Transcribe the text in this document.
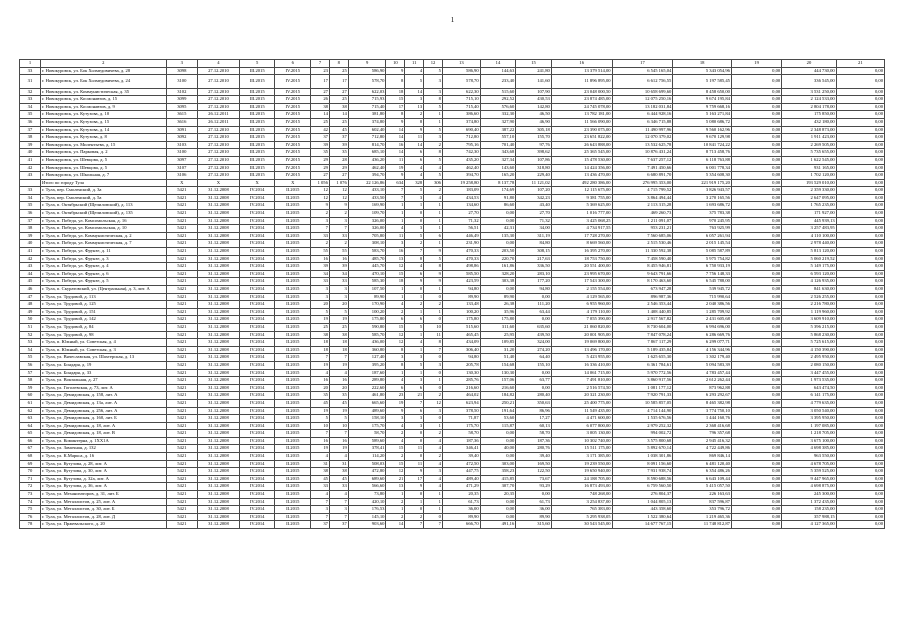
1
1	2	3	4	5	6	7	8	9	10	11	12	13	14	15	16	17	18	19	20	21
33	г. Новокуровск, ул. Бок Холмедовичева, д. 28	3098	27.12.2010	III.2015	IV.2015	23	25	586,90	9	4	5	586,90	144,63	241,80	13 379 514,00	6 545 165,04	5 343 054,96	0,00	444 730,00	0,00
31	г. Новокуровск, ул. Бок Холмедовичева, д. 24	3100	27.12.2010	III.2015	IV.2015	17	17	578,70	8	5	3	578,70	233,40	141,60	11 896 895,00	6 612 756,55	5 197 585,45	0,00	336 545,00	0,00
32	г. Новокуровск, ул. Коммунистическая, д. 35	3102	27.12.2010	III.2015	IV.2015	27	27	622,03	18	14	3	622,30	515,60	107,90	23 048 000,50	10 658 699,60	8 458 650,00	0,00	3 531 250,00	0,00
33	г. Новокуровск, ул. Космонавтов, д. 15	3099	27.12.2010	III.2015	IV.2015	26	25	715,93	15	3	8	715,10	292,52	430,53	23 874 485,00	12 075 250,16	9 674 195,84	0,00	2 124 533,00	0,00
34	г. Новокуровск, ул. Космонавтов, д. 9	3095	27.12.2010	III.2015	IV.2015	38	38	715,40	17	13	5	715,40	576,60	142,80	24 745 078,00	13 182 031,84	9 759 668,16	0,00	2 804 178,00	0,00
35	г. Новокуровск, ул. Кутузова, д. 10	3615	26.12.2011	III.2015	IV.2015	14	14	381,80	8	2	1	386,60	332,30	46,50	13 782 181,00	6 444 928,16	5 163 271,84	0,00	175 850,00	0,00
36	г. Новокуровск, ул. Кутузова, д. 15	3616	26.12.2011	III.2015	IV.2015	25	25	374,80	9	8	1	374,80	327,90	46,90	11 566 090,00	6 346 715,88	5 080 686,72	0,00	432 180,00	0,00
37	г. Новокуровск, ул. Кутузова, д. 14	3091	27.12.2010	III.2015	IV.2015	42	45	602,40	14	9	5	690,40	387,22	305,18	23 390 075,00	11 490 997,96	9 560 162,96	0,00	2 348 873,00	0,00
38	г. Новокуровск, ул. Кутузова, д. 8	3092	27.12.2010	III.2015	IV.2015	37	37	712,80	14	11	3	712,80	557,10	155,70	23 651 822,00	12 070 379,02	9 670 129,98	0,00	1 911 423,00	0,00
39	г. Новокуровск, ул. Милентьева, д. 15	3103	27.12.2010	III.2015	IV.2015	39	39	814,70	16	14	2	795,16	701,40	97,76	26 643 888,00	13 532 625,78	10 841 724,22	0,00	2 269 505,00	0,00
40	г. Новокуровск, ул. Парковая, д. 2	3100	27.12.2010	III.2015	IV.2015	35	35	685,10	14	6	8	742,30	343,68	398,62	25 365 545,00	10 876 431,24	8 713 458,76	0,00	5 735 655,00	0,00
41	г. Новокуровск, ул. Шевцова, д. 5	3097	27.12.2010	III.2015	IV.2015	29	28	436,20	11	6	5	435,20	327,34	107,86	15 478 530,00	7 637 257,12	6 118 763,88	0,00	1 622 545,00	0,00
42	г. Новокуровск, ул. Шевцова, д. 5	3107	27.12.2010	III.2015	IV.2015	29	29	462,40	19	4	4	462,40	143,60	318,80	14 424 356,00	7 491 450,66	6 001 778,34	0,00	931 165,00	0,00
43	г. Новокуровск, ул. Школьная, д. 7	3106	27.12.2010	III.2015	IV.2015	27	27	394,70	9	4	5	394,70	165,20	229,40	13 436 470,00	6 680 891,70	5 354 608,30	0,00	1 702 120,00	0,00
	Итого по городу Тула	Х	Х	Х	Х	1 056	1 076	22 126,86	634	328	306	19 258,80	8 137,78	11 121,02	492 280 386,00	276 995 353,00	221 919 175,20	0,00	193 529 010,00	0,00
33	г. Тула, пер. Смоленский, д. 3а	5421	31.12.2008	IV.2014	II.2015	12	12	433,10	7	5	2	183,09	174,69	107,20	12 115 675,00	4 715 799,52	3 826 943,57	0,00	2 359 330,00	0,00
34	г. Тула, пер. Смоленский, д. 5а	5421	31.12.2008	IV.2014	II.2015	12	12	433,50	7	3	4	434,53	91,80	342,23	9 381 755,00	3 864 494,44	3 270 165,56	0,00	2 647 095,00	0,00
35	г. Тула, п. Октябрьский (Щепиловский), д. 113	5421	31.12.2008	IV.2014	II.2015	9	9	169,90	1	1	1	134,60	86,60	43,40	5 369 625,00	2 113 315,28	1 693 686,72	0,00	1 765 235,00	0,00
36	г. Тула, п. Октябрьский (Щепиловский), д. 135	5421	31.12.2008	IV.2014	II.2015	2	2	109,70	1	0	1	27,70	0,00	27,70	1 016 777,00	469 260,73	375 783,38	0,00	171 927,00	0,00
37	г. Тула, п. Победа, ул. Комсомольская, д. 16	5421	31.12.2008	IV.2014	II.2015	3	3	326,00	1	0	1	71,32	0,00	71,32	3 425 068,25	1 211 091,07	970 245,95	0,00	445 939,13	0,00
38	г. Тула, п. Победа, ул. Комсомольская, д. 10	5421	31.12.2008	IV.2014	II.2015	7	7	326,00	4	3	1	56,51	42,31	34,00	4 734 917,55	953 231,21	763 925,99	0,00	3 257 483,95	0,00
39	г. Тула, п. Победа, ул. Коммунистическая, д. 2	5421	31.12.2008	IV.2014	II.2015	33	33	705,80	11	5	6	446,49	135,30	311,19	17 728 270,00	7 560 685,06	6 057 261,94	0,00	4 110 100,00	0,00
40	г. Тула, п. Победа, ул. Коммунистическая, д. 7	5421	31.12.2008	IV.2014	II.2015	2	2	308,10	3	2	1	231,90	0,00	84,80	8 669 560,00	2 515 530,46	2 015 145,54	0,00	2 978 440,00	0,00
41	г. Тула, п. Победа, ул. Фрунзе, д. 11	5421	31.12.2008	IV.2014	II.2015	55	55	583,70	16	7	9	470,33	203,50	308,15	16 395 270,00	11 330 592,38	5 085 587,89	0,00	5 813 120,00	0,00
42	г. Тула, п. Победа, ул. Фрунзе, д. 3	5421	31.12.2008	IV.2014	II.2015	16	16	485,70	13	8	5	470,33	220,70	217,63	18 753 750,00	7 458 590,40	5 975 754,82	0,00	5 060 219,52	0,00
43	г. Тула, п. Победа, ул. Фрунзе, д. 4	5421	31.12.2008	IV.2014	II.2015	39	39	445,70	12	4	8	498,86	161,86	336,50	20 551 400,00	8 455 946,81	6 750 933,19	0,00	5 149 175,00	0,00
44	г. Тула, п. Победа, ул. Фрунзе, д. 6	5421	31.12.2008	IV.2014	II.2015	34	34	470,10	15	6	9	585,50	328,20	283,10	23 995 670,00	9 643 791,66	7 756 148,33	0,00	6 593 120,00	0,00
45	г. Тула, п. Победа, ул. Фрунзе, д. 5	5421	31.12.2008	IV.2014	II.2015	33	33	585,30	18	9	9	423,59	303,38	177,20	17 543 300,00	8 170 463,60	6 545 788,00	0,00	4 126 935,00	0,00
46	г. Тула, п. Скуратовский, ул. (Центральная), д. 3, лит. А	5421	31.12.2008	IV.2014	II.2015	3	3	107,50	1	0	1	94,80	0,00	94,80	2 155 554,00	673 947,28	539 945,72	0,00	841 630,00	0,00
47	г. Тула, ул. Трудовой, д. 113	5421	31.12.2008	IV.2014	II.2015	3	3	89,90	1	1	0	89,90	89,90	0,00	4 129 565,00	896 987,36	715 990,64	0,00	2 526 255,00	0,00
48	г. Тула, ул. Трудовой, д. 125	5421	31.12.2008	IV.2014	II.2015	20	20	170,90	4	2	2	133,48	26,38	111,20	6 955 960,00	2 546 353,44	2 040 386,56	0,00	2 216 780,00	0,00
49	г. Тула, ул. Трудовой, д. 151	5421	31.12.2008	IV.2014	II.2015	5	5	100,20	2	1	1	100,20	35,96	63,44	4 179 110,00	1 408 440,85	1 285 709,92	0,00	1 119 960,00	0,00
50	г. Тула, ул. Трудовой, д. 142	5421	31.12.2008	IV.2014	II.2015	19	19	175,80	6	6	0	175,80	175,80	0,00	7 055 390,00	2 917 567,82	2 431 605,68	0,00	3 609 910,00	0,00
51	г. Тула, ул. Трудовой, д. 84	5421	31.12.2008	IV.2014	II.2015	25	25	590,80	15	5	10	515,60	311,60	635,60	21 060 820,00	8 730 604,00	6 994 696,00	0,00	5 396 215,00	0,00
52	г. Тула, ул. Трудовой, д. 98	5421	31.12.2008	IV.2014	II.2015	38	38	585,70	12	1	11	465,45	25,95	439,50	20 001 905,00	7 847 078,24	6 286 669,76	0,00	5 868 230,00	0,00
53	г. Тула, п. Южный, ул. Советская, д. 4	5421	31.12.2008	IV.2014	II.2015	18	18	436,00	12	4	8	434,09	109,85	324,00	19 069 800,00	7 867 117,29	6 299 077,71	0,00	5 725 615,00	0,00
54	г. Тула, п. Южный, ул. Советская, д. 3	5421	31.12.2008	IV.2014	II.2015	18	18	360,80	8	1	7	306,40	31,20	274,20	13 496 170,00	5 189 435,84	4 156 344,96	0,00	4 150 390,00	0,00
55	г. Тула, ул. Вячеславская, ул. Шахтерская, д. 13	5421	31.12.2008	IV.2014	II.2015	7	7	127,40	3	3	0	94,80	51,40	64,40	5 423 955,00	1 625 655,30	1 302 179,40	0,00	2 495 950,00	0,00
56	г. Тула, ул. Бондаря, д. 19	5421	31.12.2008	IV.2014	II.2015	19	19	395,20	8	5	3	205,78	154,68	155,10	16 336 410,00	6 361 784,61	5 094 583,39	0,00	2 080 150,00	0,00
57	г. Тула, ул. Бондаря, д. 33	5421	31.12.2008	IV.2014	II.2015	4	4	187,60	1	1	0	130,30	130,30	0,00	14 061 715,00	5 970 772,56	4 783 457,44	0,00	3 447 455,00	0,00
58	г. Тула, ул. Вокзальная, д. 27	5421	31.12.2008	IV.2014	II.2015	16	16	289,80	4	3	1	285,76	157,06	63,77	7 491 810,00	3 860 917,56	2 612 262,44	0,00	1 973 535,00	0,00
59	г. Тула, ул. Гоголевская, д. 73, лит. А	5421	31.12.2008	IV.2014	II.2015	20	20	222,60	6	6	0	216,60	216,60	0,00	2 516 574,50	1 081 177,12	873 962,88	0,00	643 474,50	0,00
60	г. Тула, ул. Демидовская, д. 158, лит. А	5421	31.12.2008	IV.2014	II.2015	35	35	461,80	23	21	2	464,02	184,82	280,40	20 321 230,00	7 920 791,33	6 293 292,67	0,00	6 141 175,00	0,00
61	г. Тула, ул. Демидовская, д. 13а, лит. А	5421	31.12.2008	IV.2014	II.2015	45	45	665,60	19	7	12	623,94	250,21	350,63	25 400 775,00	10 585 857,05	8 465 382,98	0,00	4 779 635,00	0,00
62	г. Тула, ул. Демидовская, д. 256, лит. А	5421	31.12.2008	IV.2014	II.2015	19	19	489,60	9	6	3	378,50	191,64	86,96	11 549 435,00	4 714 144,90	3 774 750,10	0,00	3 050 540,00	0,00
63	г. Тула, ул. Демидовская, д. 160, лит. Б	5421	31.12.2008	IV.2014	II.2015	5	5	158,10	3	3	0	71,87	53,60	17,27	4 471 600,00	1 535 676,56	1 444 160,76	0,00	3 395 950,00	0,00
64	г. Тула, ул. Демидовская, д. 18, лит. А	5421	31.12.2008	IV.2014	II.2015	10	10	175,70	4	3	1	175,70	115,87	60,13	6 077 800,00	2 979 252,32	2 368 416,68	0,00	1 197 085,00	0,00
65	г. Тула, ул. Демидовская, д. 18, лит. В	5421	31.12.2008	IV.2014	II.2015	7	7	58,70	2	0	2	58,70	0,00	58,70	3 005 130,00	994 002,72	796 357,68	0,00	1 218 705,00	0,00
66	г. Тула, ул. Коминтерна, д. 1ХХ1А	5421	31.12.2008	IV.2014	II.2015	16	16	589,60	4	0	4	187,36	0,00	187,36	10 302 740,00	3 575 800,68	2 945 416,32	0,00	3 675 100,00	0,00
67	г. Тула, ул. Замочная, д. 132	5421	31.12.2008	IV.2014	II.2015	19	19	378,41	15	11	4	346,41	40,00	280,76	15 511 175,00	5 892 670,14	4 722 449,86	0,00	4 698 385,00	0,00
68	г. Тула, ул. К.Маркса, д. 16	5421	31.12.2008	IV.2014	II.2015	4	4	114,20	2	0	2	39,40	0,00	39,40	3 171 385,00	1 038 301,86	869 846,14	0,00	963 550,00	0,00
69	г. Тула, ул. Кутузова, д. 28, лит. А	5421	31.12.2008	IV.2014	II.2015	31	31	508,03	15	11	4	472,50	303,00	169,50	19 239 550,00	8 091 156,60	6 481 120,40	0,00	4 678 705,00	0,00
70	г. Тула, ул. Кутузова, д. 30, лит. А	5421	31.12.2008	IV.2014	II.2015	38	38	472,80	12	9	3	447,75	358,23	122,50	19 650 940,00	7 931 938,74	6 354 486,26	0,00	5 359 525,00	0,00
71	г. Тула, ул. Кутузова, д. 32а, лит. А	5421	31.12.2008	IV.2014	II.2015	45	45	689,60	21	17	4	489,40	415,85	73,67	24 188 705,00	8 590 688,56	6 643 109,44	0,00	9 447 965,00	0,00
72	г. Тула, ул. Кутузова, д. 36, лит. А	5421	31.12.2008	IV.2014	II.2015	33	33	566,60	13	9	4	471,29	307,70	93,29	16 873 493,00	6 759 560,50	5 415 057,50	0,00	4 698 875,00	0,00
73	г. Тула, ул. Механизаторов, д. 31, лит. Б	5421	31.12.2008	IV.2014	II.2015	4	4	73,80	1	0	1	20,35	20,35	0,00	748 268,00	276 804,37	226 163,63	0,00	245 300,00	0,00
74	г. Тула, ул. Металлистов, д. 25, лит. А	5421	31.12.2008	IV.2014	II.2015	7	7	420,10	2	1	1	61,73	0,00	61,73	3 254 837,00	1 044 805,13	837 596,87	0,00	1 372 435,00	0,00
75	г. Тула, ул. Металлистов, д. 30, лит. Б	5421	31.12.2008	IV.2014	II.2015	3	3	176,53	1	0	1	36,00	0,00	36,00	765 383,00	443 358,60	353 796,72	0,00	158 235,00	0,00
76	г. Тула, ул. Металлистов, д. 28, лит. Д	5421	31.12.2008	IV.2014	II.2015	7	7	145,10	2	2	0	89,90	0,00	89,90	5 295 938,05	1 522 380,64	1 219 465,36	0,00	357 988,15	0,00
78	г. Тула, ул. Пржевальского, д. 20	5421	31.12.2008	IV.2014	II.2015	37	37	903,60	14	7	7	666,70	491,16	315,60	30 543 545,00	14 677 767,15	11 748 812,87	0,00	4 127 365,00	0,00
